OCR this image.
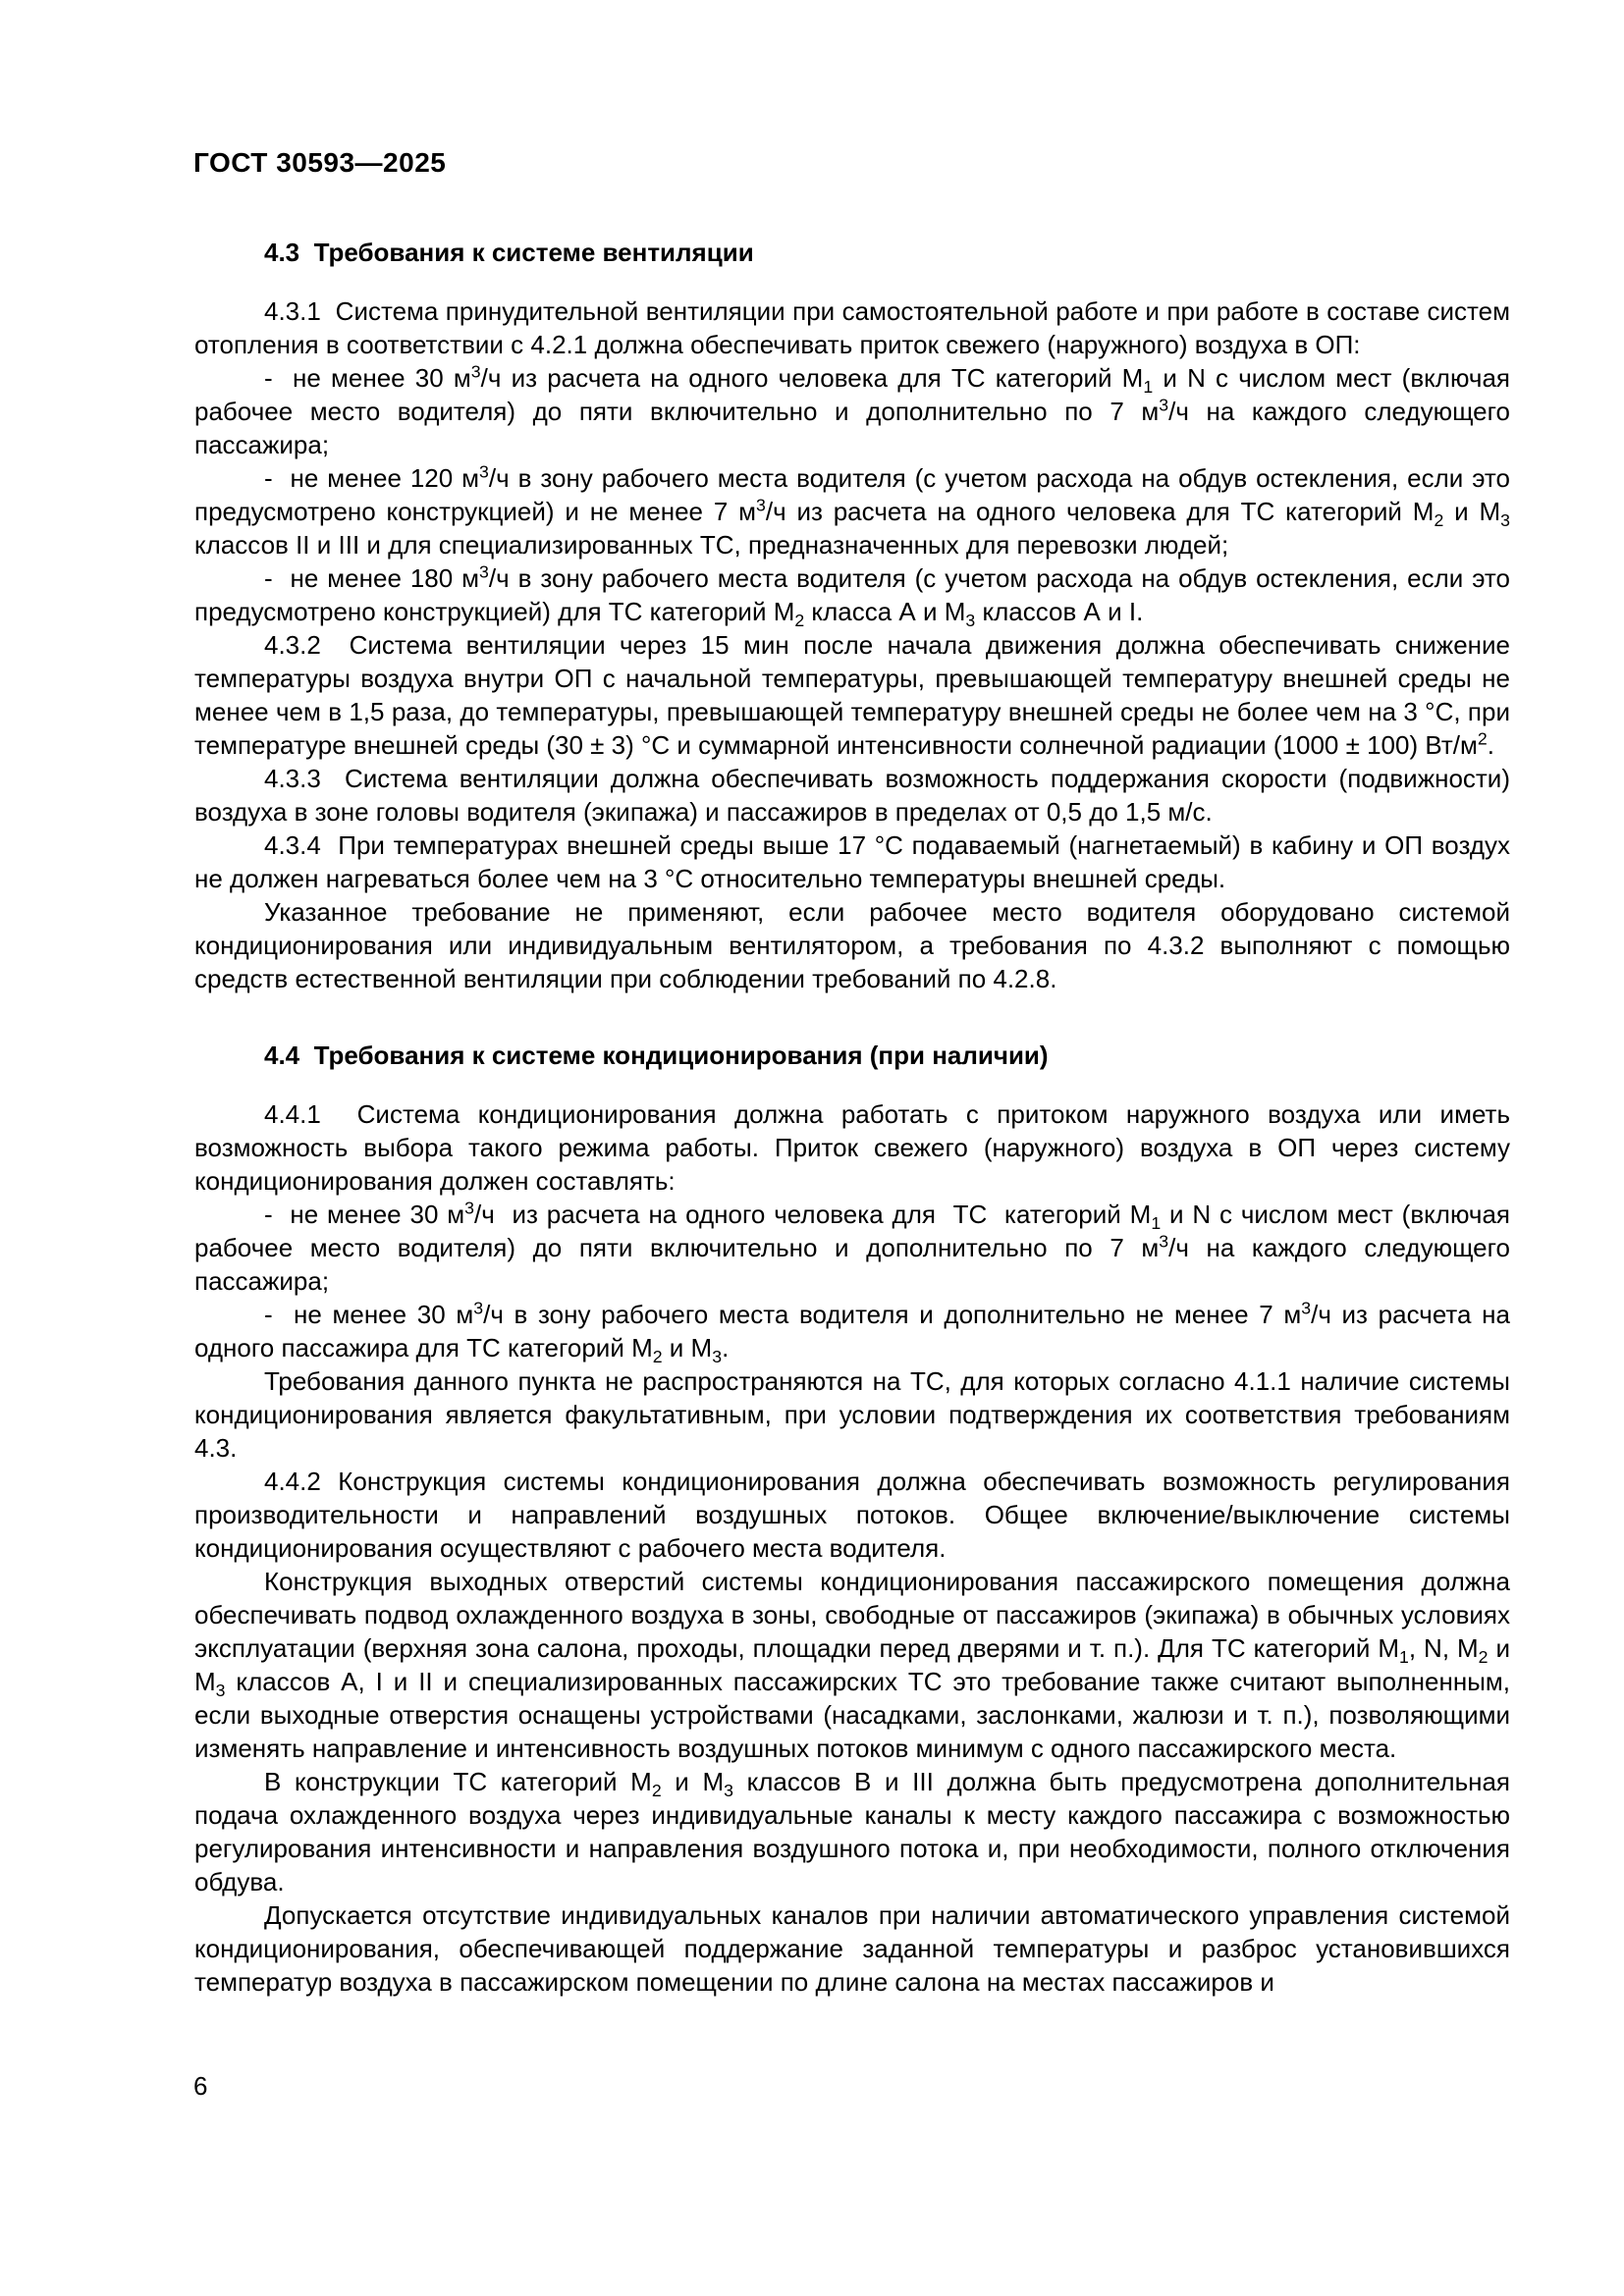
ГОСТ 30593—2025
4.3  Требования к системе вентиляции

4.3.1  Система принудительной вентиляции при самостоятельной работе и при работе в составе систем отопления в соответствии с 4.2.1 должна обеспечивать приток свежего (наружного) воздуха в ОП:

-  не менее 30 $м^3/ч$ из расчета на одного человека для ТС категорий $M_1$ и N с числом мест (включая рабочее место водителя) до пяти включительно и дополнительно по 7 $м^3/ч$ на каждого следующего пассажира;

-  не менее 120 $м^3/ч$ в зону рабочего места водителя (с учетом расхода на обдув остекления, если это предусмотрено конструкцией) и не менее 7 $м^3/ч$ из расчета на одного человека для ТС категорий $M_2$ и $M_3$ классов II и III и для специализированных ТС, предназначенных для перевозки людей;

-  не менее 180 $м^3/ч$ в зону рабочего места водителя (с учетом расхода на обдув остекления, если это предусмотрено конструкцией) для ТС категорий $M_2$ класса А и $M_3$ классов А и I.

4.3.2  Система вентиляции через 15 мин после начала движения должна обеспечивать снижение температуры воздуха внутри ОП с начальной температуры, превышающей температуру внешней среды не менее чем в 1,5 раза, до температуры, превышающей температуру внешней среды не более чем на 3 °С, при температуре внешней среды (30 ± 3) °С и суммарной интенсивности солнечной радиации (1000 ± 100) $Вт/м^2$.

4.3.3  Система вентиляции должна обеспечивать возможность поддержания скорости (подвижности) воздуха в зоне головы водителя (экипажа) и пассажиров в пределах от 0,5 до 1,5 м/с.

4.3.4  При температурах внешней среды выше 17 °С подаваемый (нагнетаемый) в кабину и ОП воздух не должен нагреваться более чем на 3 °С относительно температуры внешней среды.

Указанное требование не применяют, если рабочее место водителя оборудовано системой кондиционирования или индивидуальным вентилятором, а требования по 4.3.2 выполняют с помощью средств естественной вентиляции при соблюдении требований по 4.2.8.

4.4  Требования к системе кондиционирования (при наличии)

4.4.1  Система кондиционирования должна работать с притоком наружного воздуха или иметь возможность выбора такого режима работы. Приток свежего (наружного) воздуха в ОП через систему кондиционирования должен составлять:

-  не менее 30 $м^3/ч$  из расчета на одного человека для  ТС  категорий $M_1$ и N с числом мест (включая рабочее место водителя) до пяти включительно и дополнительно по 7 $м^3/ч$ на каждого следующего пассажира;

-  не менее 30 $м^3/ч$ в зону рабочего места водителя и дополнительно не менее 7 $м^3/ч$ из расчета на одного пассажира для ТС категорий $M_2$ и $M_3$.

Требования данного пункта не распространяются на ТС, для которых согласно 4.1.1 наличие системы кондиционирования является факультативным, при условии подтверждения их соответствия требованиям 4.3.

4.4.2 Конструкция системы кондиционирования должна обеспечивать возможность регулирования производительности и направлений воздушных потоков. Общее включение/выключение системы кондиционирования осуществляют с рабочего места водителя.

Конструкция выходных отверстий системы кондиционирования пассажирского помещения должна обеспечивать подвод охлажденного воздуха в зоны, свободные от пассажиров (экипажа) в обычных условиях эксплуатации (верхняя зона салона, проходы, площадки перед дверями и т. п.). Для ТС категорий $M_1$, N, $M_2$ и $M_3$ классов А, I и II и специализированных пассажирских ТС это требование также считают выполненным, если выходные отверстия оснащены устройствами (насадками, заслонками, жалюзи и т. п.), позволяющими изменять направление и интенсивность воздушных потоков минимум с одного пассажирского места.

В конструкции ТС категорий $M_2$ и $M_3$ классов В и III должна быть предусмотрена дополнительная подача охлажденного воздуха через индивидуальные каналы к месту каждого пассажира с возможностью регулирования интенсивности и направления воздушного потока и, при необходимости, полного отключения обдува.

Допускается отсутствие индивидуальных каналов при наличии автоматического управления системой кондиционирования, обеспечивающей поддержание заданной температуры и разброс установившихся температур воздуха в пассажирском помещении по длине салона на местах пассажиров и

6
